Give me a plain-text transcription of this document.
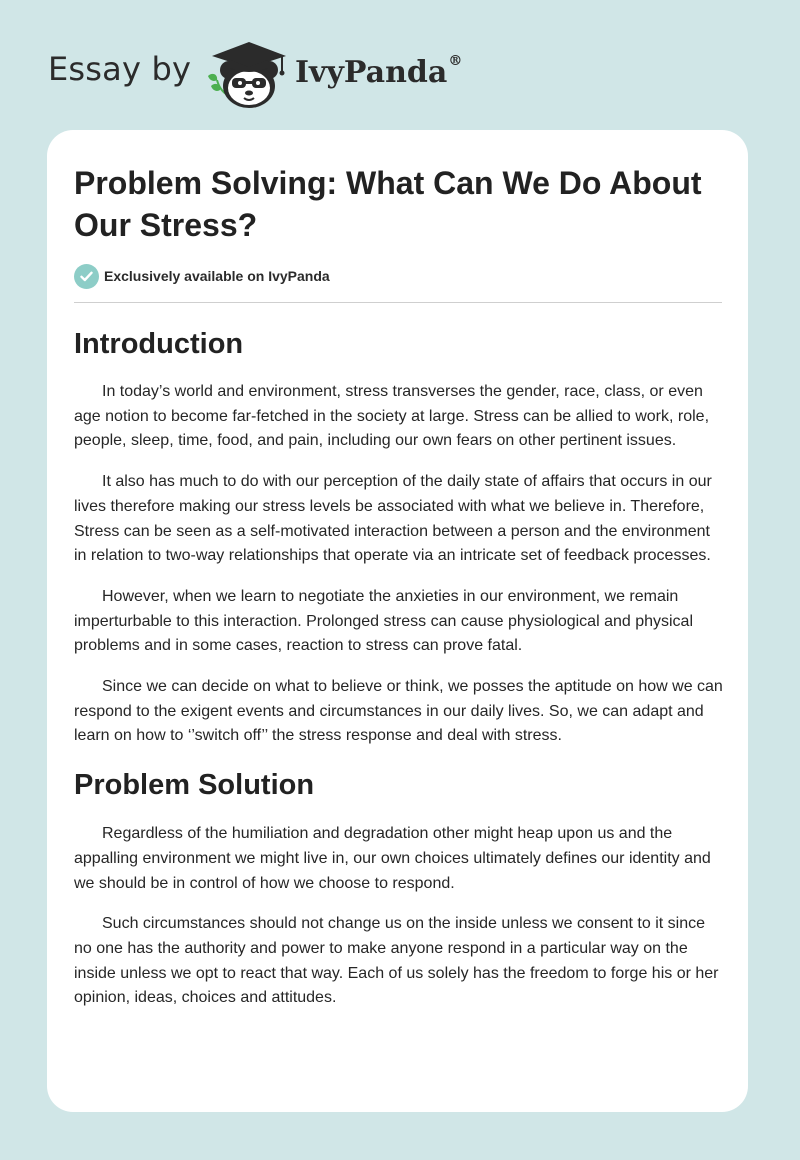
Essay by	IvyPanda®
Problem Solving: What Can We Do About Our Stress?
Exclusively available on IvyPanda
Introduction

In today’s world and environment, stress transverses the gender, race, class, or even age notion to become far-fetched in the society at large. Stress can be allied to work, role, people, sleep, time, food, and pain, including our own fears on other pertinent issues.

It also has much to do with our perception of the daily state of affairs that occurs in our lives therefore making our stress levels be associated with what we believe in. Therefore, Stress can be seen as a self-motivated interaction between a person and the environment in relation to two-way relationships that operate via an intricate set of feedback processes.

However, when we learn to negotiate the anxieties in our environment, we remain imperturbable to this interaction. Prolonged stress can cause physiological and physical problems and in some cases, reaction to stress can prove fatal.

Since we can decide on what to believe or think, we posses the aptitude on how we can respond to the exigent events and circumstances in our daily lives. So, we can adapt and learn on how to ‘’switch off’’ the stress response and deal with stress.

Problem Solution

Regardless of the humiliation and degradation other might heap upon us and the appalling environment we might live in, our own choices ultimately defines our identity and we should be in control of how we choose to respond.

Such circumstances should not change us on the inside unless we consent to it since no one has the authority and power to make anyone respond in a particular way on the inside unless we opt to react that way. Each of us solely has the freedom to forge his or her opinion, ideas, choices and attitudes.
